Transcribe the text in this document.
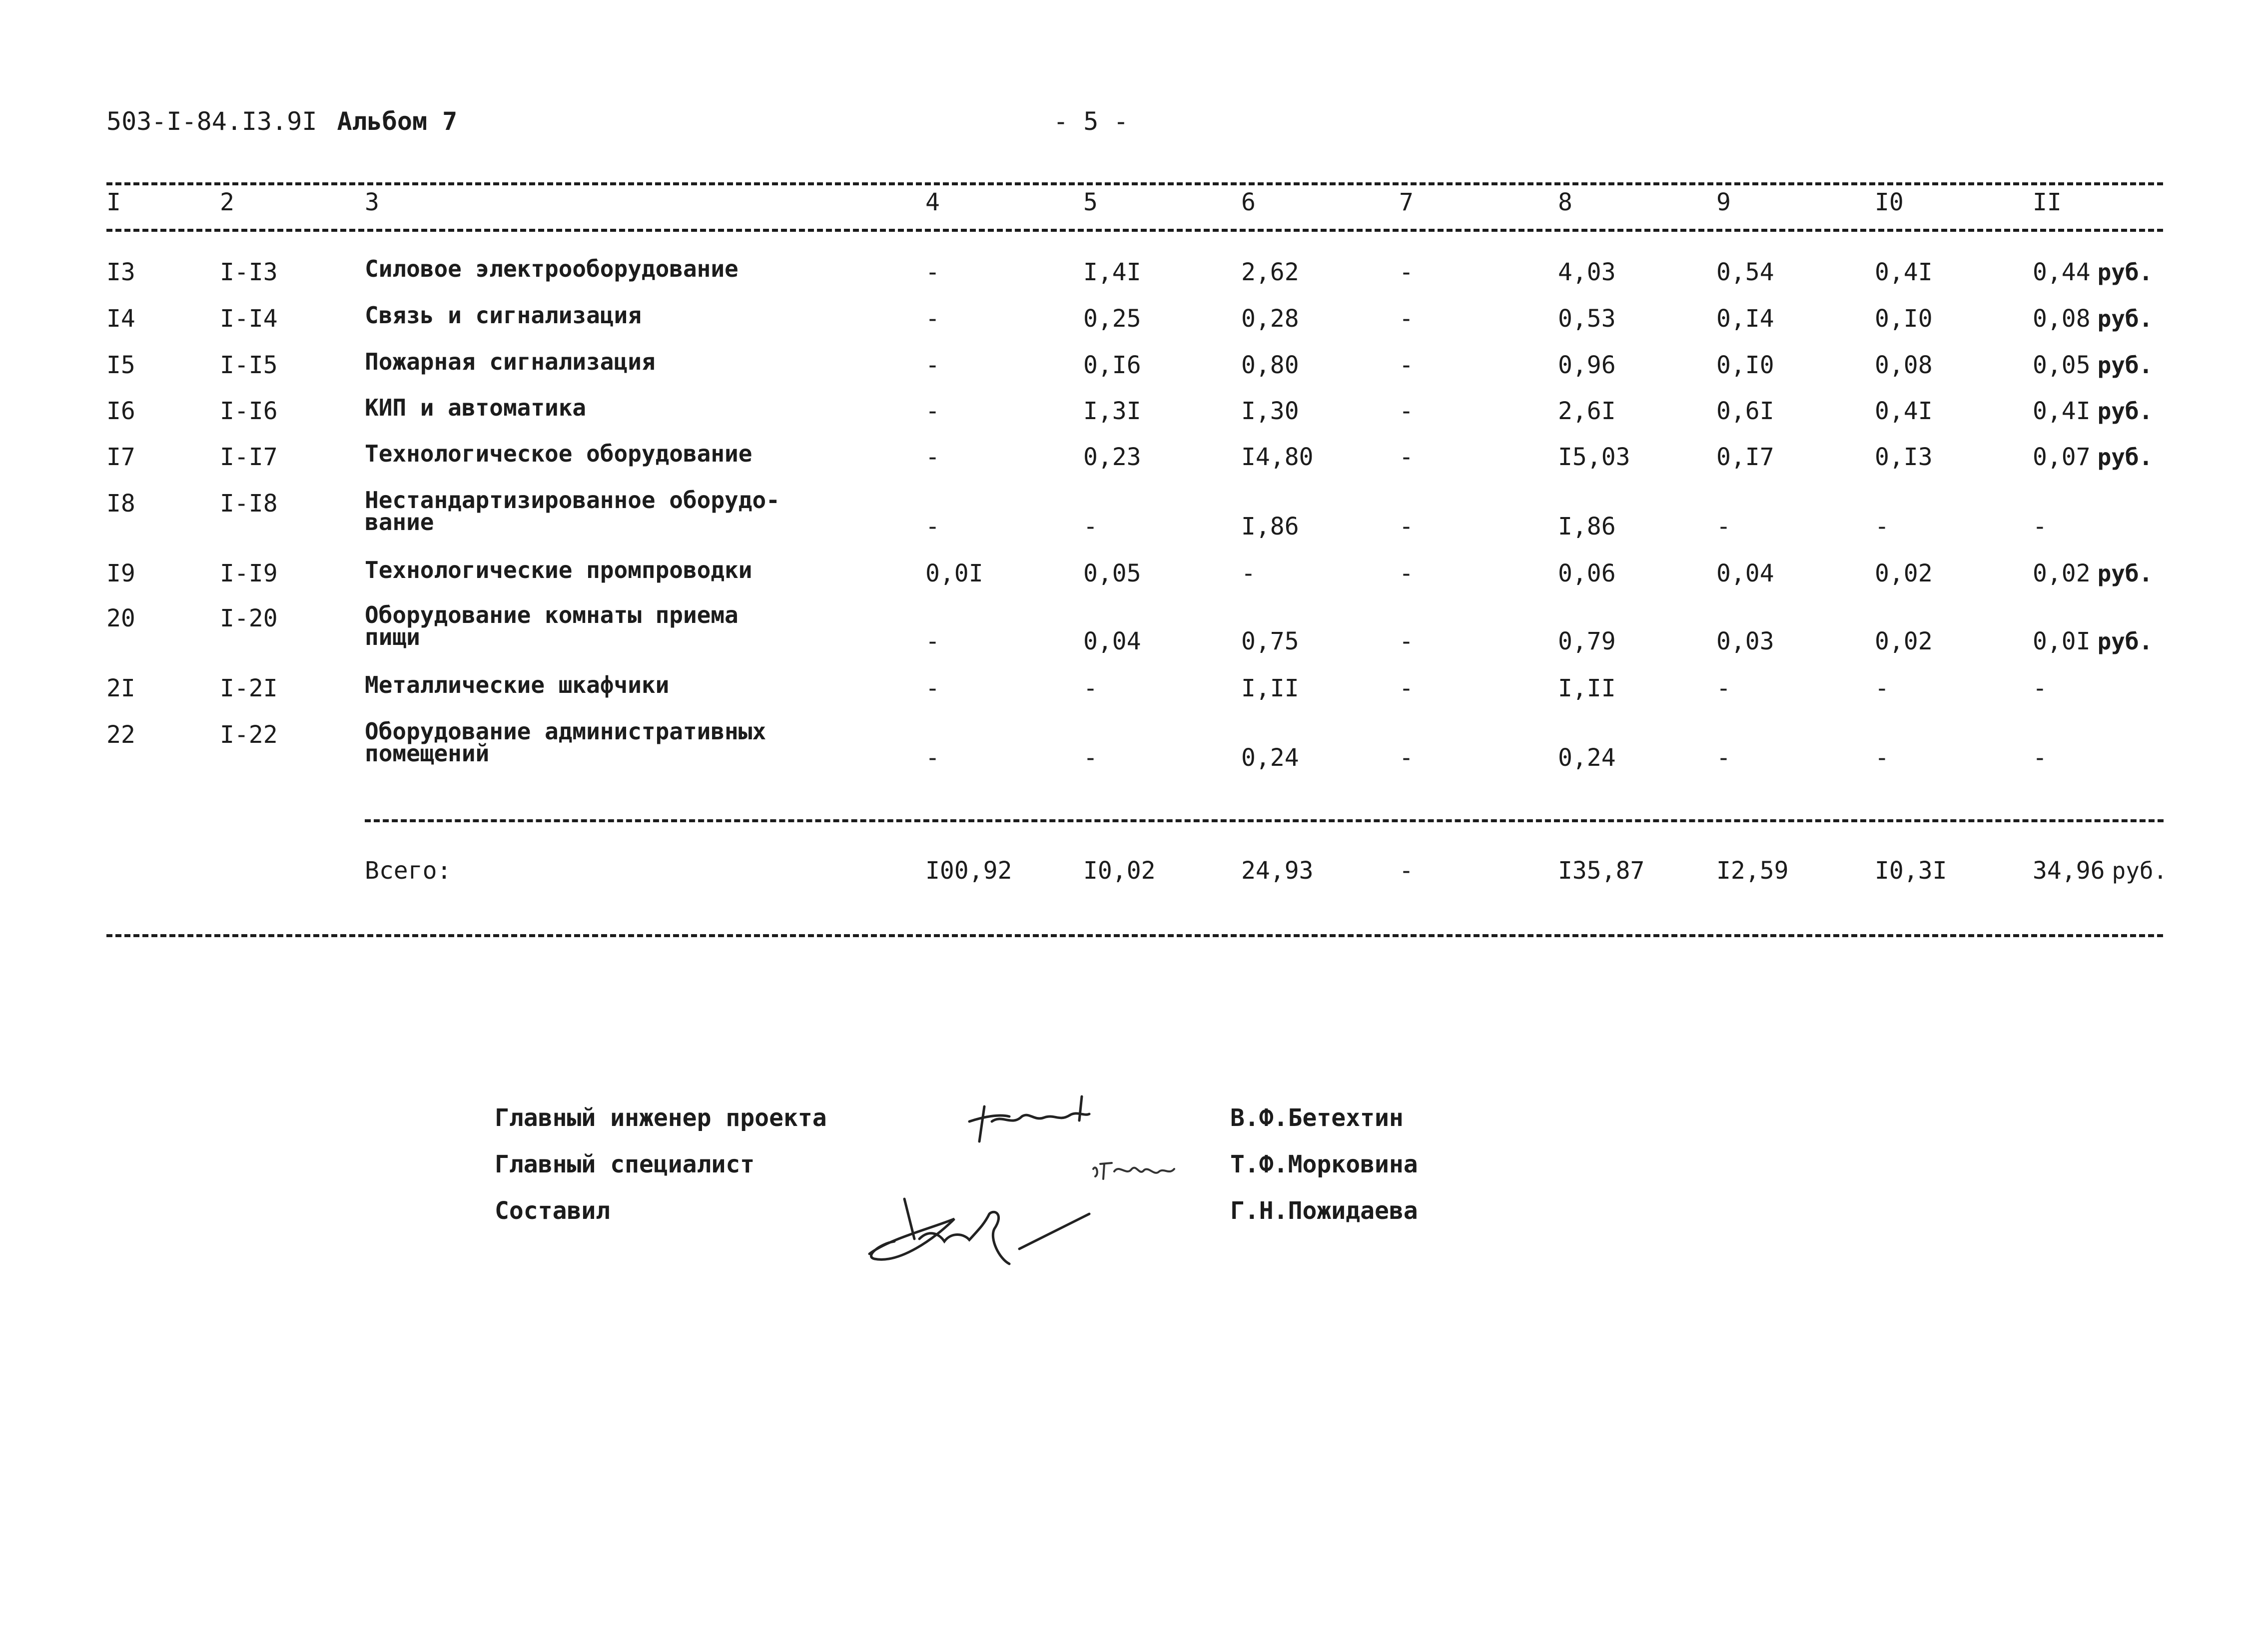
503-I-84.I3.9I Альбом 7	- 5 -
I	2	3	4	5	6	7	8	9	I0	II
I3	I-I3	Силовое электрооборудование	-	I,4I	2,62	-	4,03	0,54	0,4I	0,44 руб.
I4	I-I4	Связь и сигнализация	-	0,25	0,28	-	0,53	0,I4	0,I0	0,08 руб.
I5	I-I5	Пожарная сигнализация	-	0,I6	0,80	-	0,96	0,I0	0,08	0,05 руб.
I6	I-I6	КИП и автоматика	-	I,3I	I,30	-	2,6I	0,6I	0,4I	0,4I руб.
I7	I-I7	Технологическое оборудование	-	0,23	I4,80	-	I5,03	0,I7	0,I3	0,07 руб.
I8	I-I8	Нестандартизированное оборудо-
вание	-	-	I,86	-	I,86	-	-	-
I9	I-I9	Технологические промпроводки	0,0I	0,05	-	-	0,06	0,04	0,02	0,02 руб.
20	I-20	Оборудование комнаты приема
пищи	-	0,04	0,75	-	0,79	0,03	0,02	0,0I руб.
2I	I-2I	Металлические шкафчики	-	-	I,II	-	I,II	-	-	-
22	I-22	Оборудование административных
помещений	-	-	0,24	-	0,24	-	-	-
Всего:	I00,92	I0,02	24,93	-	I35,87	I2,59	I0,3I	34,96 руб.
Главный инженер проекта	В.Ф.Бетехтин
Главный специалист	Т.Ф.Морковина
Составил	Г.Н.Пожидаева
